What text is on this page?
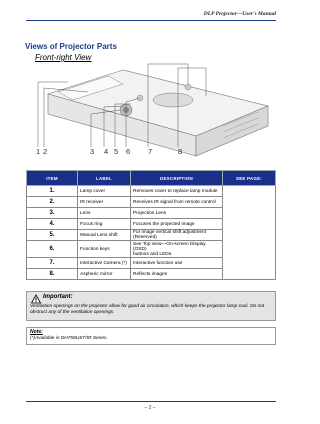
DLP Projector—User's Manual
Views of Projector Parts
Front-right View
1 2	3 4 5 6 7	8
ITEM	LABEL	DESCRIPTION	SEE PAGE:
1.	Lamp cover	Removes cover to replace lamp module	
2.	IR receiver	Receives IR signal from remote control	
3.	Lens	Projection Lens	
4.	Focus ring	Focuses the projected image	
5.	Manual Lens shift	For image vertical shift adjustment (Reserved)	
6.	Function keys	See Top view—On-screen Display (OSD)
buttons and LEDs.	

7.	Interactive Camera (*)	Interactive function use	
8.	Aspheric mirror	Reflects images	
Important:
Ventilation openings on the projector allow for good air circulation, which keeps the projector lamp cool. Do not obstruct any of the ventilation openings.
Note:
(*)Available in DH758UST/IR Series.
– 2 –
